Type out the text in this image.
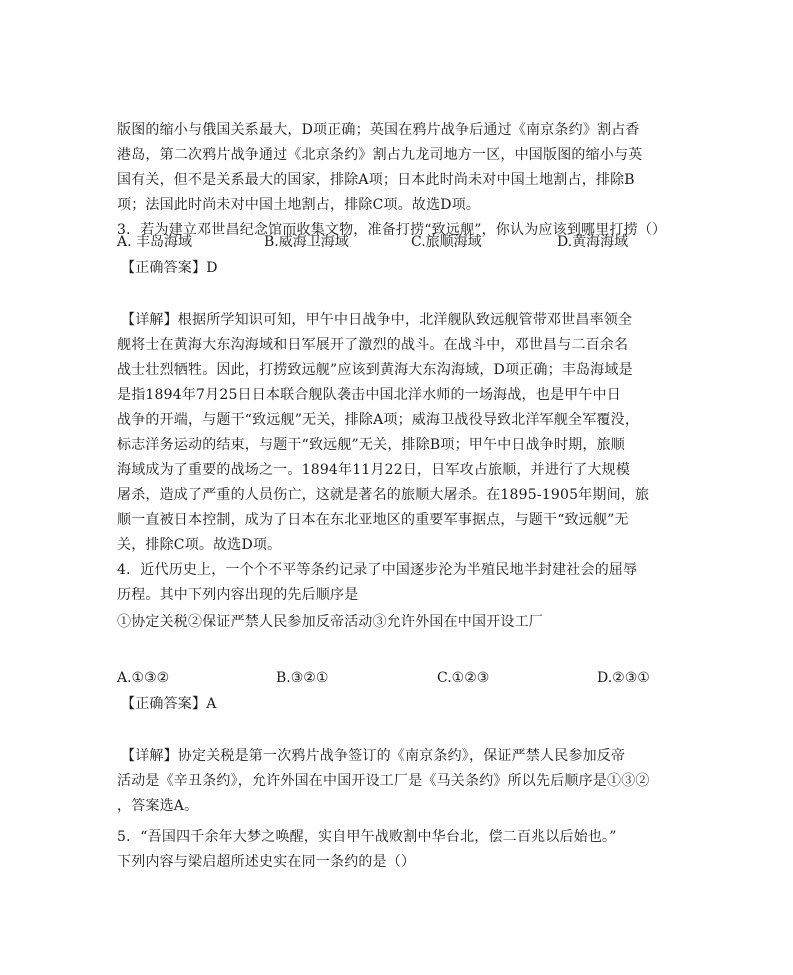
版图的缩小与俄国关系最大，D项正确；英国在鸦片战争后通过《南京条约》割占香
港岛，第二次鸦片战争通过《北京条约》割占九龙司地方一区，中国版图的缩小与英
国有关，但不是关系最大的国家，排除A项；日本此时尚未对中国土地割占，排除B
项；法国此时尚未对中国土地割占，排除C项。故选D项。
3．若为建立邓世昌纪念馆而收集文物，准备打捞“致远舰”，你认为应该到哪里打捞（）
A. 丰岛海域	B.威海卫海域	C.旅顺海域	D.黄海海域
【正确答案】D
【详解】根据所学知识可知，甲午中日战争中，北洋舰队致远舰管带邓世昌率领全
舰将士在黄海大东沟海域和日军展开了激烈的战斗。在战斗中，邓世昌与二百余名
战士壮烈牺牲。因此，打捞致远舰”应该到黄海大东沟海域，D项正确；丰岛海域是
是指1894年7月25日日本联合舰队袭击中国北洋水师的一场海战，也是甲午中日
战争的开端，与题干“致远舰”无关，排除A项；威海卫战役导致北洋军舰全军覆没，
标志洋务运动的结束，与题干“致远舰”无关，排除B项；甲午中日战争时期，旅顺
海域成为了重要的战场之一。1894年11月22日，日军攻占旅顺，并进行了大规模
屠杀，造成了严重的人员伤亡，这就是著名的旅顺大屠杀。在1895-1905年期间，旅
顺一直被日本控制，成为了日本在东北亚地区的重要军事据点，与题干“致远舰”无
关，排除C项。故选D项。
4．近代历史上，一个个不平等条约记录了中国逐步沦为半殖民地半封建社会的屈辱
历程。其中下列内容出现的先后顺序是
①协定关税②保证严禁人民参加反帝活动③允许外国在中国开设工厂
A.①③②	B.③②①	C.①②③	D.②③①
【正确答案】A
【详解】协定关税是第一次鸦片战争签订的《南京条约》，保证严禁人民参加反帝
活动是《辛丑条约》，允许外国在中国开设工厂是《马关条约》所以先后顺序是①③②
，答案选A。
5．“吾国四千余年大梦之唤醒，实自甲午战败割中华台北，偿二百兆以后始也。”
下列内容与梁启超所述史实在同一条约的是（）
